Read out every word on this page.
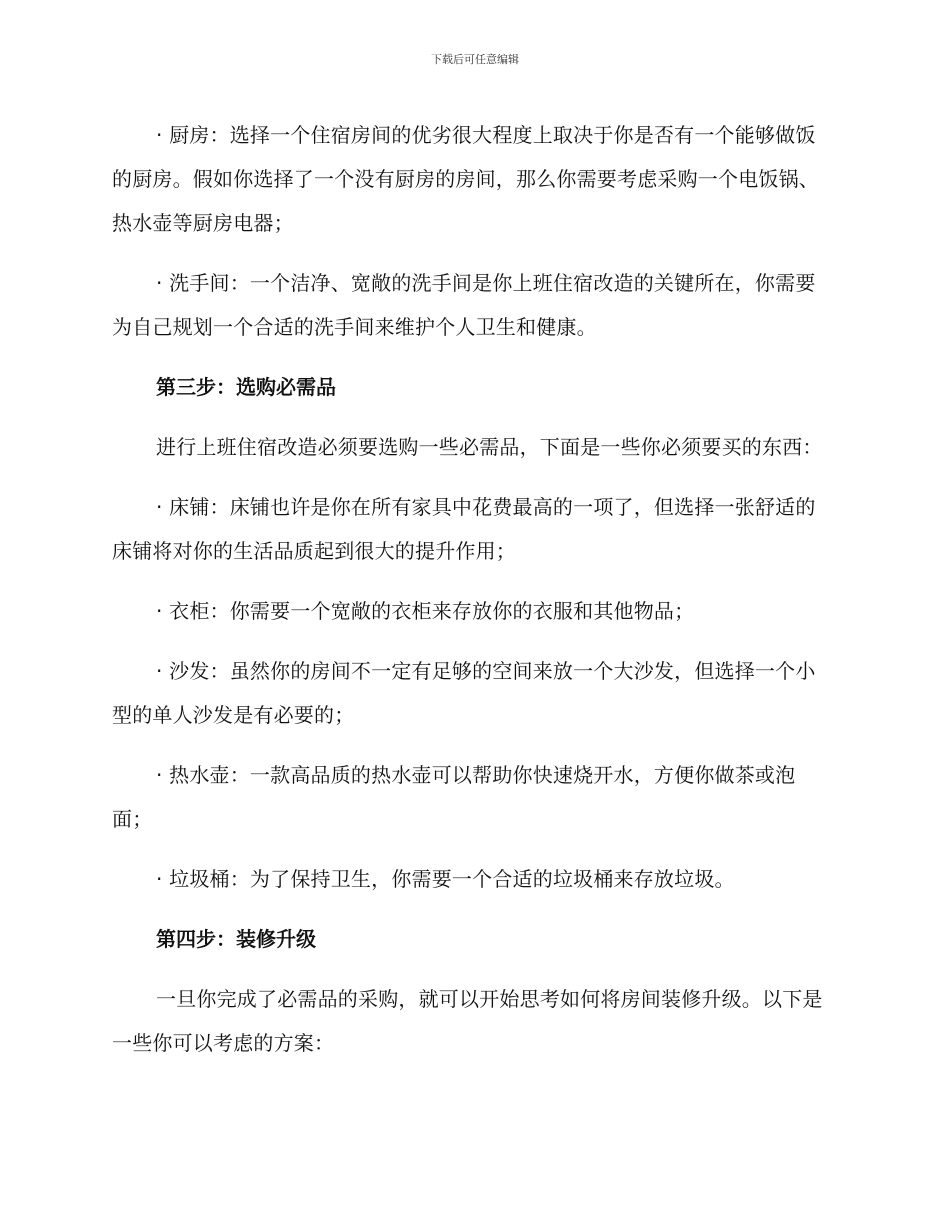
下载后可任意编辑

· 厨房：选择一个住宿房间的优劣很大程度上取决于你是否有一个能够做饭的厨房。假如你选择了一个没有厨房的房间，那么你需要考虑采购一个电饭锅、热水壶等厨房电器；

· 洗手间：一个洁净、宽敞的洗手间是你上班住宿改造的关键所在，你需要为自己规划一个合适的洗手间来维护个人卫生和健康。

第三步：选购必需品

进行上班住宿改造必须要选购一些必需品，下面是一些你必须要买的东西：

· 床铺：床铺也许是你在所有家具中花费最高的一项了，但选择一张舒适的床铺将对你的生活品质起到很大的提升作用；

· 衣柜：你需要一个宽敞的衣柜来存放你的衣服和其他物品；

· 沙发：虽然你的房间不一定有足够的空间来放一个大沙发，但选择一个小型的单人沙发是有必要的；

· 热水壶：一款高品质的热水壶可以帮助你快速烧开水，方便你做茶或泡面；

· 垃圾桶：为了保持卫生，你需要一个合适的垃圾桶来存放垃圾。

第四步：装修升级

一旦你完成了必需品的采购，就可以开始思考如何将房间装修升级。以下是一些你可以考虑的方案：
